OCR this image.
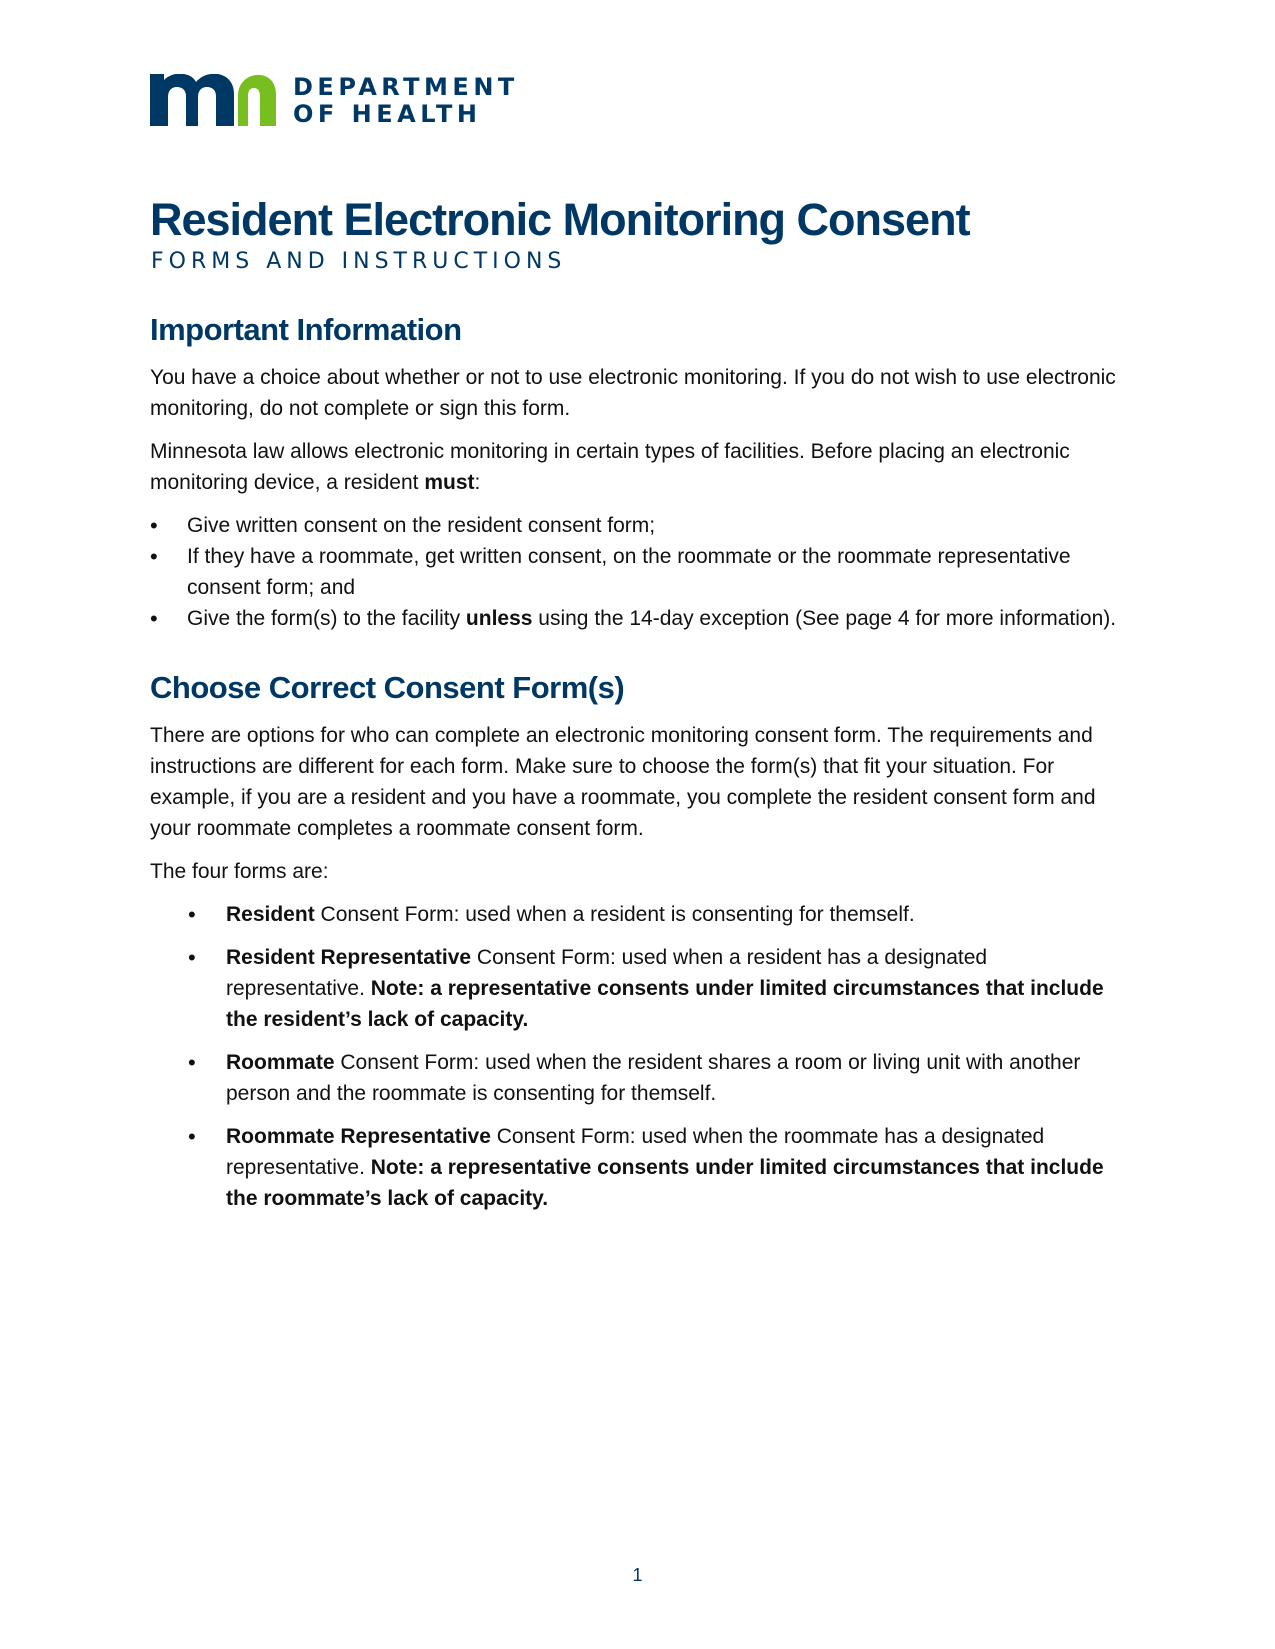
DEPARTMENT
OF HEALTH
Resident Electronic Monitoring Consent
FORMS AND INSTRUCTIONS
Important Information

You have a choice about whether or not to use electronic monitoring. If you do not wish to use electronic monitoring, do not complete or sign this form.

Minnesota law allows electronic monitoring in certain types of facilities. Before placing an electronic monitoring device, a resident must:

• Give written consent on the resident consent form;
• If they have a roommate, get written consent, on the roommate or the roommate representative consent form; and
• Give the form(s) to the facility unless using the 14-day exception (See page 4 for more information).
Choose Correct Consent Form(s)

There are options for who can complete an electronic monitoring consent form. The requirements and instructions are different for each form. Make sure to choose the form(s) that fit your situation. For example, if you are a resident and you have a roommate, you complete the resident consent form and your roommate completes a roommate consent form.

The four forms are:

• Resident Consent Form: used when a resident is consenting for themself.
• Resident Representative Consent Form: used when a resident has a designated representative. Note: a representative consents under limited circumstances that include the resident’s lack of capacity.
• Roommate Consent Form: used when the resident shares a room or living unit with another person and the roommate is consenting for themself.
• Roommate Representative Consent Form: used when the roommate has a designated representative. Note: a representative consents under limited circumstances that include the roommate’s lack of capacity.
1
